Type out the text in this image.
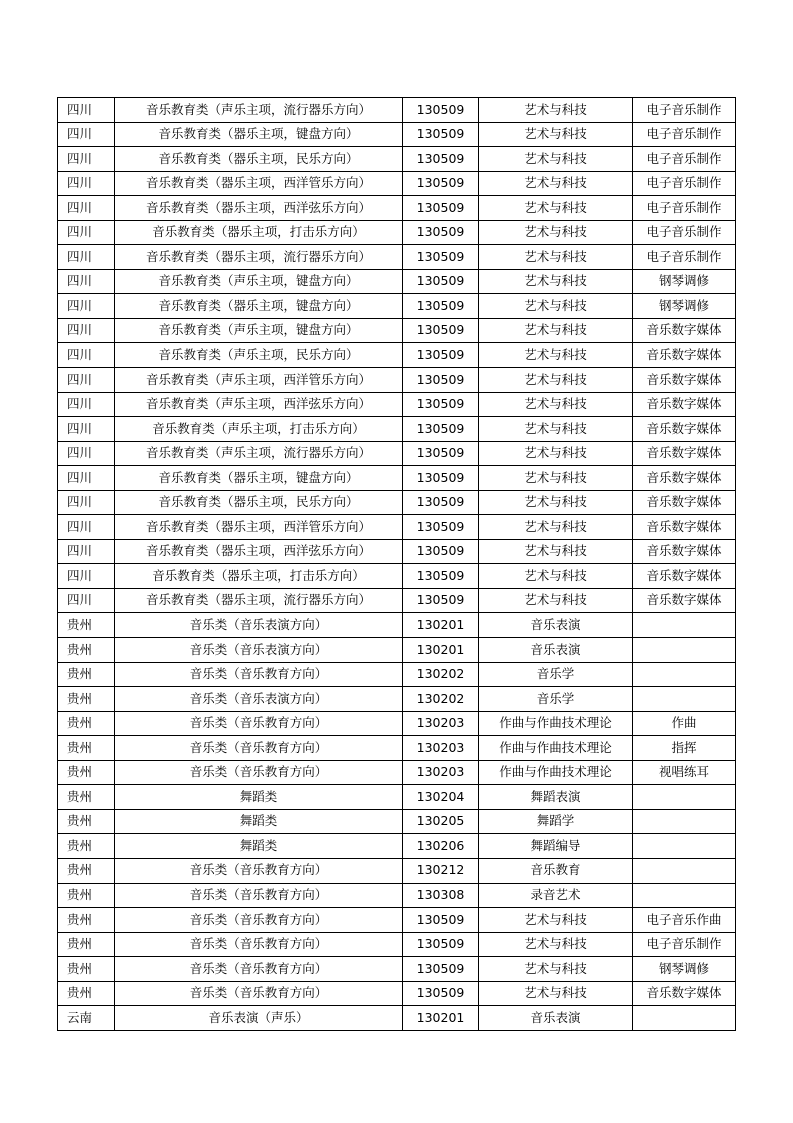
四川	音乐教育类（声乐主项，流行器乐方向）	130509	艺术与科技	电子音乐制作
四川	音乐教育类（器乐主项，键盘方向）	130509	艺术与科技	电子音乐制作
四川	音乐教育类（器乐主项，民乐方向）	130509	艺术与科技	电子音乐制作
四川	音乐教育类（器乐主项，西洋管乐方向）	130509	艺术与科技	电子音乐制作
四川	音乐教育类（器乐主项，西洋弦乐方向）	130509	艺术与科技	电子音乐制作
四川	音乐教育类（器乐主项，打击乐方向）	130509	艺术与科技	电子音乐制作
四川	音乐教育类（器乐主项，流行器乐方向）	130509	艺术与科技	电子音乐制作
四川	音乐教育类（声乐主项，键盘方向）	130509	艺术与科技	钢琴调修
四川	音乐教育类（器乐主项，键盘方向）	130509	艺术与科技	钢琴调修
四川	音乐教育类（声乐主项，键盘方向）	130509	艺术与科技	音乐数字媒体
四川	音乐教育类（声乐主项，民乐方向）	130509	艺术与科技	音乐数字媒体
四川	音乐教育类（声乐主项，西洋管乐方向）	130509	艺术与科技	音乐数字媒体
四川	音乐教育类（声乐主项，西洋弦乐方向）	130509	艺术与科技	音乐数字媒体
四川	音乐教育类（声乐主项，打击乐方向）	130509	艺术与科技	音乐数字媒体
四川	音乐教育类（声乐主项，流行器乐方向）	130509	艺术与科技	音乐数字媒体
四川	音乐教育类（器乐主项，键盘方向）	130509	艺术与科技	音乐数字媒体
四川	音乐教育类（器乐主项，民乐方向）	130509	艺术与科技	音乐数字媒体
四川	音乐教育类（器乐主项，西洋管乐方向）	130509	艺术与科技	音乐数字媒体
四川	音乐教育类（器乐主项，西洋弦乐方向）	130509	艺术与科技	音乐数字媒体
四川	音乐教育类（器乐主项，打击乐方向）	130509	艺术与科技	音乐数字媒体
四川	音乐教育类（器乐主项，流行器乐方向）	130509	艺术与科技	音乐数字媒体
贵州	音乐类（音乐表演方向）	130201	音乐表演	
贵州	音乐类（音乐表演方向）	130201	音乐表演	
贵州	音乐类（音乐教育方向）	130202	音乐学	
贵州	音乐类（音乐表演方向）	130202	音乐学	
贵州	音乐类（音乐教育方向）	130203	作曲与作曲技术理论	作曲
贵州	音乐类（音乐教育方向）	130203	作曲与作曲技术理论	指挥
贵州	音乐类（音乐教育方向）	130203	作曲与作曲技术理论	视唱练耳
贵州	舞蹈类	130204	舞蹈表演	
贵州	舞蹈类	130205	舞蹈学	
贵州	舞蹈类	130206	舞蹈编导	
贵州	音乐类（音乐教育方向）	130212	音乐教育	
贵州	音乐类（音乐教育方向）	130308	录音艺术	
贵州	音乐类（音乐教育方向）	130509	艺术与科技	电子音乐作曲
贵州	音乐类（音乐教育方向）	130509	艺术与科技	电子音乐制作
贵州	音乐类（音乐教育方向）	130509	艺术与科技	钢琴调修
贵州	音乐类（音乐教育方向）	130509	艺术与科技	音乐数字媒体
云南	音乐表演（声乐）	130201	音乐表演	
